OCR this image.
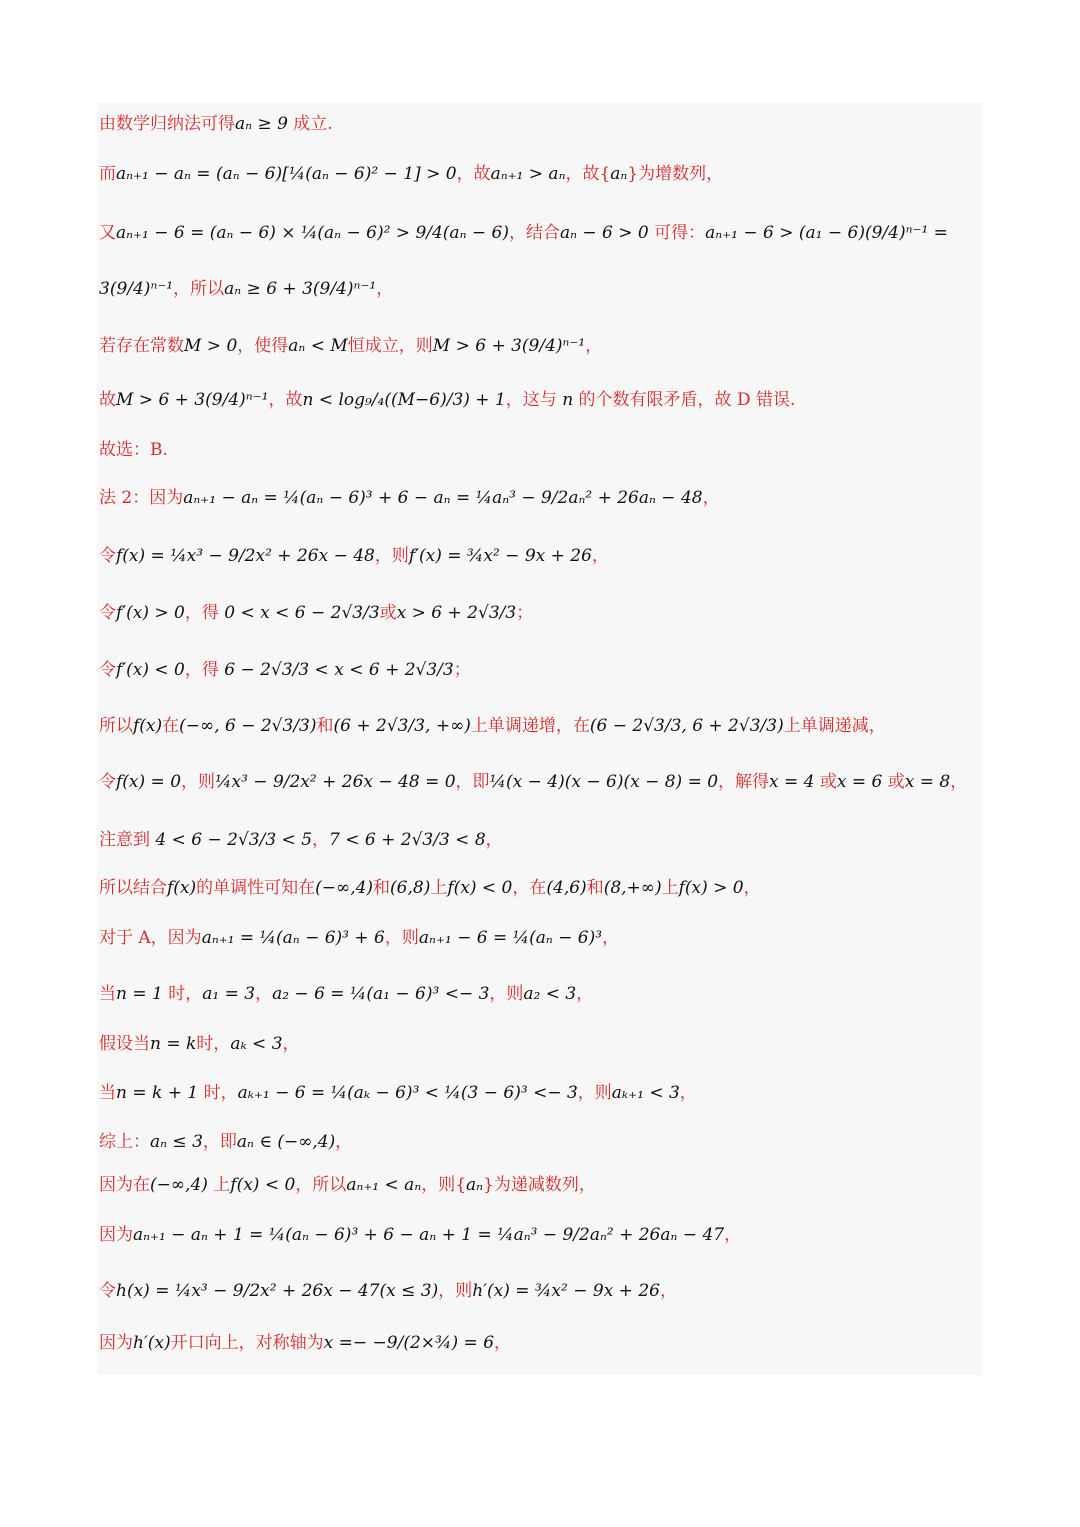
由数学归纳法可得aₙ ≥ 9 成立.
而aₙ₊₁ − aₙ = (aₙ − 6)[¼(aₙ − 6)² − 1] > 0，故aₙ₊₁ > aₙ，故{aₙ}为增数列，
又aₙ₊₁ − 6 = (aₙ − 6) × ¼(aₙ − 6)² > 9/4(aₙ − 6)，结合aₙ − 6 > 0 可得：aₙ₊₁ − 6 > (a₁ − 6)(9/4)ⁿ⁻¹ =
3(9/4)ⁿ⁻¹，所以aₙ ≥ 6 + 3(9/4)ⁿ⁻¹，
若存在常数M > 0，使得aₙ < M恒成立，则M > 6 + 3(9/4)ⁿ⁻¹，
故M > 6 + 3(9/4)ⁿ⁻¹，故n < log₉/₄((M−6)/3) + 1，这与 n 的个数有限矛盾，故 D 错误.
故选：B.
法 2：因为aₙ₊₁ − aₙ = ¼(aₙ − 6)³ + 6 − aₙ = ¼aₙ³ − 9/2aₙ² + 26aₙ − 48，
令f(x) = ¼x³ − 9/2x² + 26x − 48，则f′(x) = ¾x² − 9x + 26，
令f′(x) > 0，得 0 < x < 6 − 2√3/3或x > 6 + 2√3/3；
令f′(x) < 0，得 6 − 2√3/3 < x < 6 + 2√3/3；
所以f(x)在(−∞, 6 − 2√3/3)和(6 + 2√3/3, +∞)上单调递增，在(6 − 2√3/3, 6 + 2√3/3)上单调递减，
令f(x) = 0，则¼x³ − 9/2x² + 26x − 48 = 0，即¼(x − 4)(x − 6)(x − 8) = 0，解得x = 4 或x = 6 或x = 8，
注意到 4 < 6 − 2√3/3 < 5，7 < 6 + 2√3/3 < 8，
所以结合f(x)的单调性可知在(−∞,4)和(6,8)上f(x) < 0，在(4,6)和(8,+∞)上f(x) > 0，
对于 A，因为aₙ₊₁ = ¼(aₙ − 6)³ + 6，则aₙ₊₁ − 6 = ¼(aₙ − 6)³，
当n = 1 时，a₁ = 3，a₂ − 6 = ¼(a₁ − 6)³ <− 3，则a₂ < 3，
假设当n = k时，aₖ < 3，
当n = k + 1 时，aₖ₊₁ − 6 = ¼(aₖ − 6)³ < ¼(3 − 6)³ <− 3，则aₖ₊₁ < 3，
综上：aₙ ≤ 3，即aₙ ∈ (−∞,4)，
因为在(−∞,4) 上f(x) < 0，所以aₙ₊₁ < aₙ，则{aₙ}为递减数列，
因为aₙ₊₁ − aₙ + 1 = ¼(aₙ − 6)³ + 6 − aₙ + 1 = ¼aₙ³ − 9/2aₙ² + 26aₙ − 47，
令h(x) = ¼x³ − 9/2x² + 26x − 47(x ≤ 3)，则h′(x) = ¾x² − 9x + 26，
因为h′(x)开口向上，对称轴为x =− −9/(2×¾) = 6，
